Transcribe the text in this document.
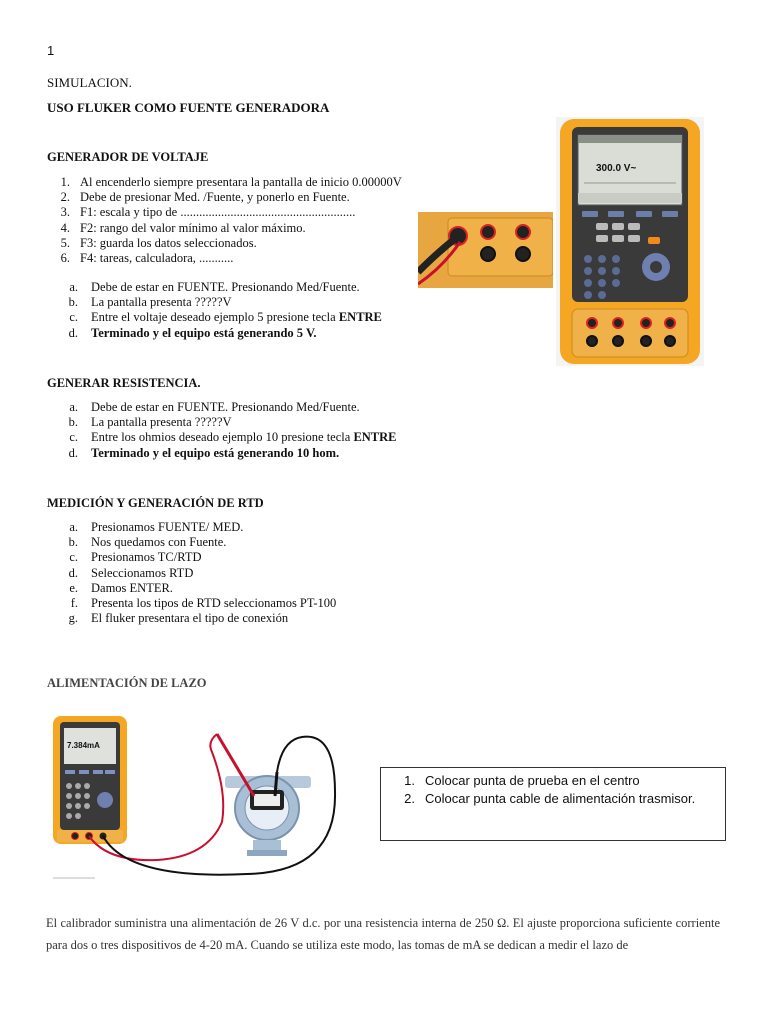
1
SIMULACION.
USO FLUKER COMO FUENTE GENERADORA
GENERADOR DE VOLTAJE
1. Al encenderlo siempre presentara la pantalla de inicio 0.00000V
2. Debe de presionar Med. /Fuente, y ponerlo en Fuente.
3. F1: escala y tipo de ........................................................
4. F2: rango del valor mínimo al valor máximo.
5. F3: guarda los datos seleccionados.
6. F4: tareas, calculadora, ...........
a. Debe de estar en FUENTE. Presionando Med/Fuente.
b. La pantalla presenta ?????V
c. Entre el voltaje deseado ejemplo 5 presione tecla ENTRE
d. Terminado y el equipo está generando 5 V.
300.0 V~
GENERAR RESISTENCIA.
a. Debe de estar en FUENTE. Presionando Med/Fuente.
b. La pantalla presenta ?????V
c. Entre los ohmios deseado ejemplo 10 presione tecla ENTRE
d. Terminado y el equipo está generando 10 hom.
MEDICIÓN Y GENERACIÓN DE RTD
a. Presionamos FUENTE/ MED.
b. Nos quedamos con Fuente.
c. Presionamos TC/RTD
d. Seleccionamos RTD
e. Damos ENTER.
f. Presenta los tipos de RTD seleccionamos PT-100
g. El fluker presentara el tipo de conexión
ALIMENTACIÓN DE LAZO
7.384mA
1. Colocar punta de prueba en el centro
2. Colocar punta cable de alimentación trasmisor.
El calibrador suministra una alimentación de 26 V d.c. por una resistencia interna de 250 Ω. El ajuste proporciona suficiente corriente para dos o tres dispositivos de 4-20 mA. Cuando se utiliza este modo, las tomas de mA se dedican a medir el lazo de
